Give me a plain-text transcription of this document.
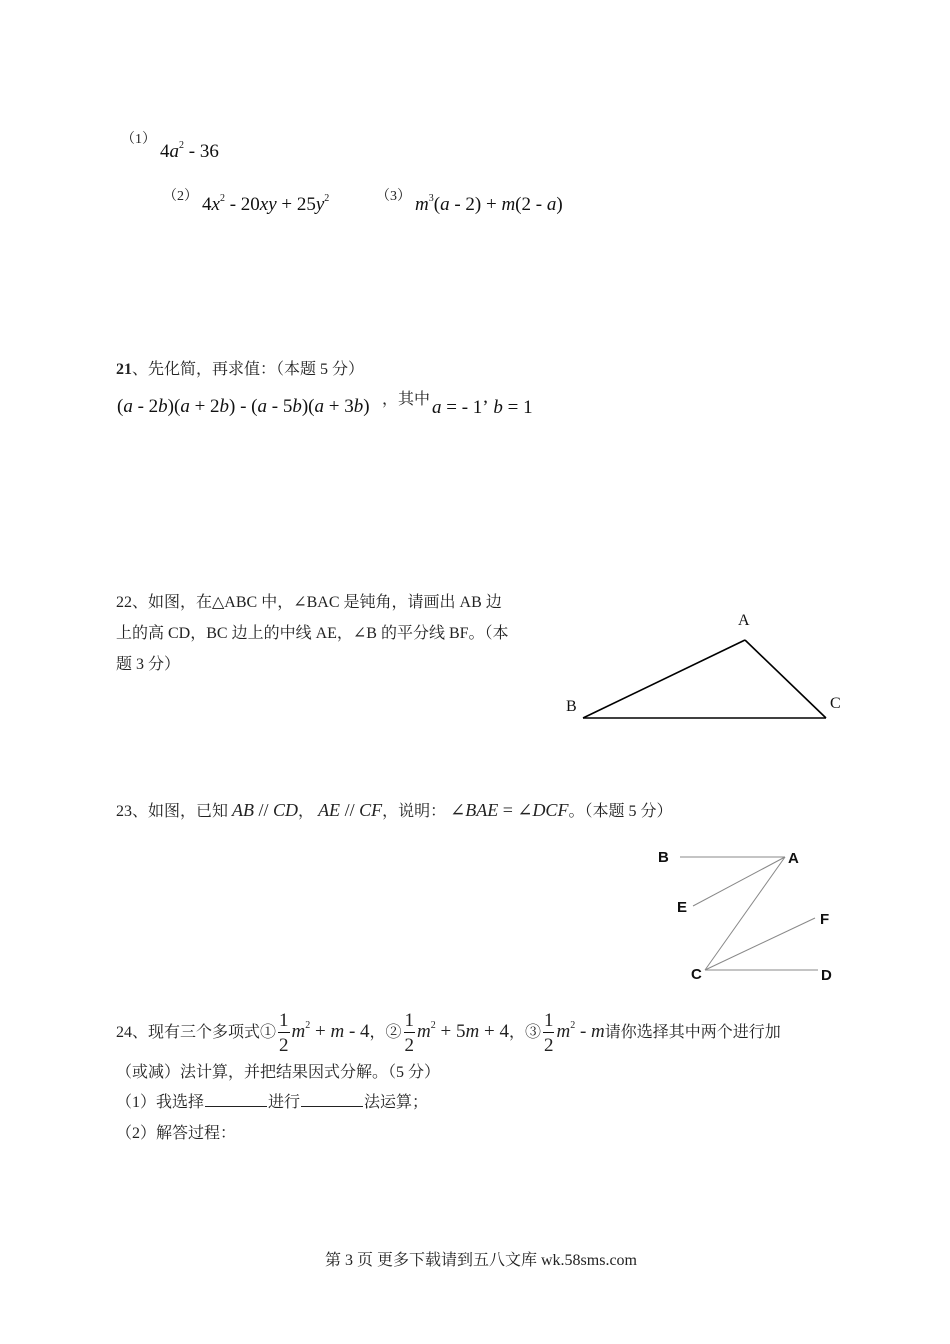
（1）
$4a^2 - 36$
（2） $4x^2 - 20xy + 25y^2$	（3） $m^3(a - 2) + m(2 - a)$
21、先化简，再求值：（本题 5 分）
(a - 2b)(a + 2b) - (a - 5b)(a + 3b) ，其中 a = - 1ʼ b = 1
22、如图，在△ABC 中，∠BAC 是钝角，请画出 AB 边
上的高 CD，BC 边上的中线 AE，∠B 的平分线 BF。（本
题 3 分）
A
B	C
23、如图，已知 AB // CD， AE // CF，说明： ∠BAE = ∠DCF。（本题 5 分）
B	A
E
F
C	D
24、现有三个多项式① $\frac{1}{2} m^2 + m - 4$，② $\frac{1}{2} m^2 + 5m + 4$，③ $\frac{1}{2} m^2$ - m请你选择其中两个进行加
（或减）法计算，并把结果因式分解。（5 分）
（1）我选择	进行	法运算；
（2）解答过程：
第 3 页 更多下载请到五八文库 wk.58sms.com
